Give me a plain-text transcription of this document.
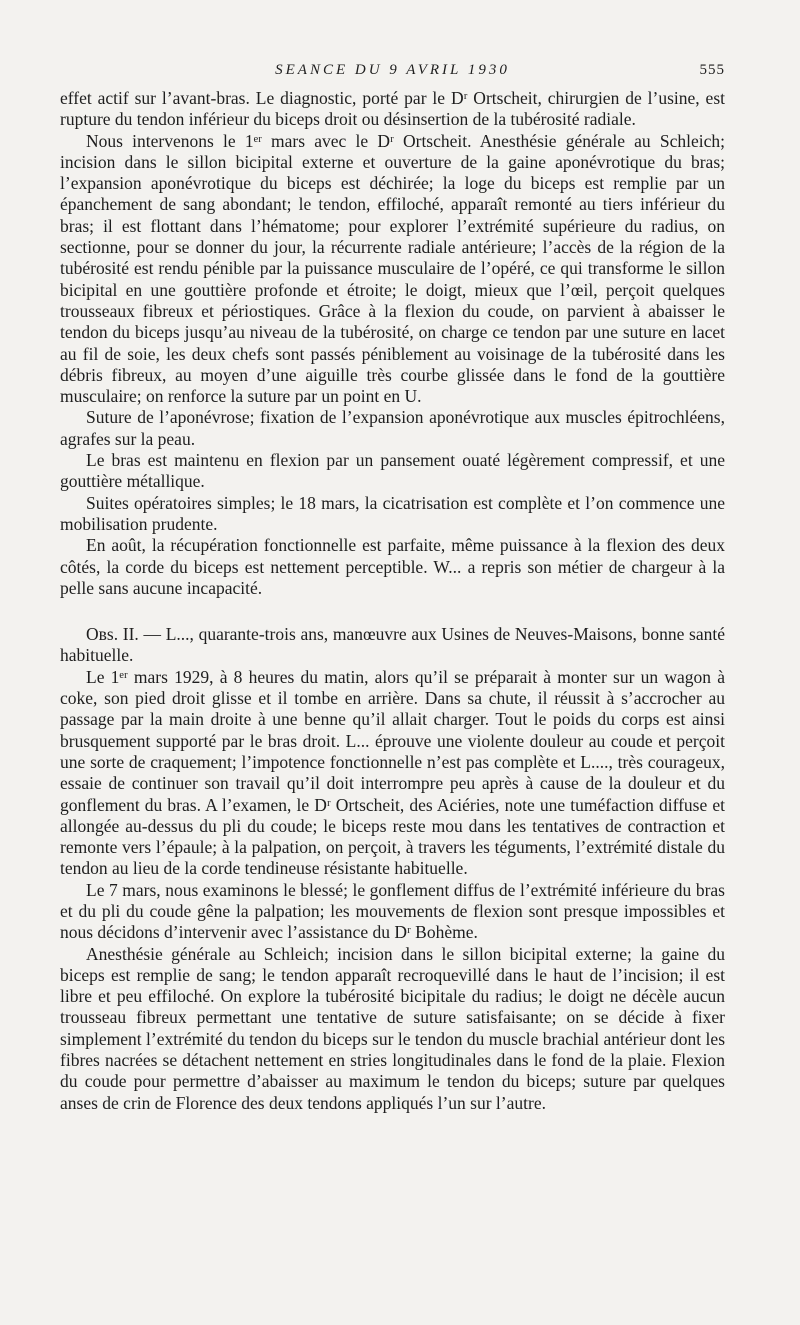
SEANCE DU 9 AVRIL 1930	555

effet actif sur l’avant-bras. Le diagnostic, porté par le Dʳ Ortscheit, chirurgien de l’usine, est rupture du tendon inférieur du biceps droit ou désinsertion de la tubérosité radiale.

Nous intervenons le 1ᵉʳ mars avec le Dʳ Ortscheit. Anesthésie générale au Schleich; incision dans le sillon bicipital externe et ouverture de la gaine aponévrotique du bras; l’expansion aponévrotique du biceps est déchirée; la loge du biceps est remplie par un épanchement de sang abondant; le tendon, effiloché, apparaît remonté au tiers inférieur du bras; il est flottant dans l’hématome; pour explorer l’extrémité supérieure du radius, on sectionne, pour se donner du jour, la récurrente radiale antérieure; l’accès de la région de la tubérosité est rendu pénible par la puissance musculaire de l’opéré, ce qui transforme le sillon bicipital en une gouttière profonde et étroite; le doigt, mieux que l’œil, perçoit quelques trousseaux fibreux et périostiques. Grâce à la flexion du coude, on parvient à abaisser le tendon du biceps jusqu’au niveau de la tubérosité, on charge ce tendon par une suture en lacet au fil de soie, les deux chefs sont passés péniblement au voisinage de la tubérosité dans les débris fibreux, au moyen d’une aiguille très courbe glissée dans le fond de la gouttière musculaire; on renforce la suture par un point en U.

Suture de l’aponévrose; fixation de l’expansion aponévrotique aux muscles épitrochléens, agrafes sur la peau.

Le bras est maintenu en flexion par un pansement ouaté légèrement compressif, et une gouttière métallique.

Suites opératoires simples; le 18 mars, la cicatrisation est complète et l’on commence une mobilisation prudente.

En août, la récupération fonctionnelle est parfaite, même puissance à la flexion des deux côtés, la corde du biceps est nettement perceptible. W... a repris son métier de chargeur à la pelle sans aucune incapacité.

Oʙs. II. — L..., quarante-trois ans, manœuvre aux Usines de Neuves-Maisons, bonne santé habituelle.

Le 1ᵉʳ mars 1929, à 8 heures du matin, alors qu’il se préparait à monter sur un wagon à coke, son pied droit glisse et il tombe en arrière. Dans sa chute, il réussit à s’accrocher au passage par la main droite à une benne qu’il allait charger. Tout le poids du corps est ainsi brusquement supporté par le bras droit. L... éprouve une violente douleur au coude et perçoit une sorte de craquement; l’impotence fonctionnelle n’est pas complète et L...., très courageux, essaie de continuer son travail qu’il doit interrompre peu après à cause de la douleur et du gonflement du bras. A l’examen, le Dʳ Ortscheit, des Aciéries, note une tuméfaction diffuse et allongée au-dessus du pli du coude; le biceps reste mou dans les tentatives de contraction et remonte vers l’épaule; à la palpation, on perçoit, à travers les téguments, l’extrémité distale du tendon au lieu de la corde tendineuse résistante habituelle.

Le 7 mars, nous examinons le blessé; le gonflement diffus de l’extrémité inférieure du bras et du pli du coude gêne la palpation; les mouvements de flexion sont presque impossibles et nous décidons d’intervenir avec l’assistance du Dʳ Bohème.

Anesthésie générale au Schleich; incision dans le sillon bicipital externe; la gaine du biceps est remplie de sang; le tendon apparaît recroquevillé dans le haut de l’incision; il est libre et peu effiloché. On explore la tubérosité bicipitale du radius; le doigt ne décèle aucun trousseau fibreux permettant une tentative de suture satisfaisante; on se décide à fixer simplement l’extrémité du tendon du biceps sur le tendon du muscle brachial antérieur dont les fibres nacrées se détachent nettement en stries longitudinales dans le fond de la plaie. Flexion du coude pour permettre d’abaisser au maximum le tendon du biceps; suture par quelques anses de crin de Florence des deux tendons appliqués l’un sur l’autre.
